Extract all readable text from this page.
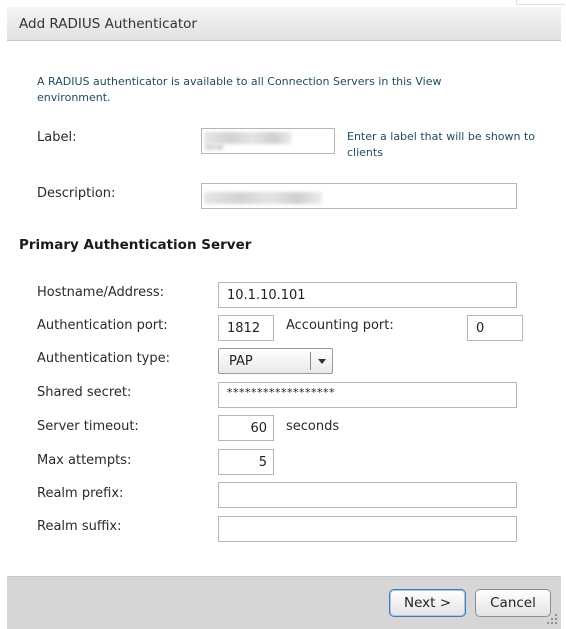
Add RADIUS Authenticator
A RADIUS authenticator is available to all Connection Servers in this View environment.
Label:	Enter a label that will be shown to clients
Description:
Primary Authentication Server
Hostname/Address:	10.1.10.101
Authentication port:	1812	Accounting port:	0
Authentication type:	PAP
Shared secret:	******************
Server timeout:	60	seconds
Max attempts:	5
Realm prefix:
Realm suffix:
Next >	Cancel
